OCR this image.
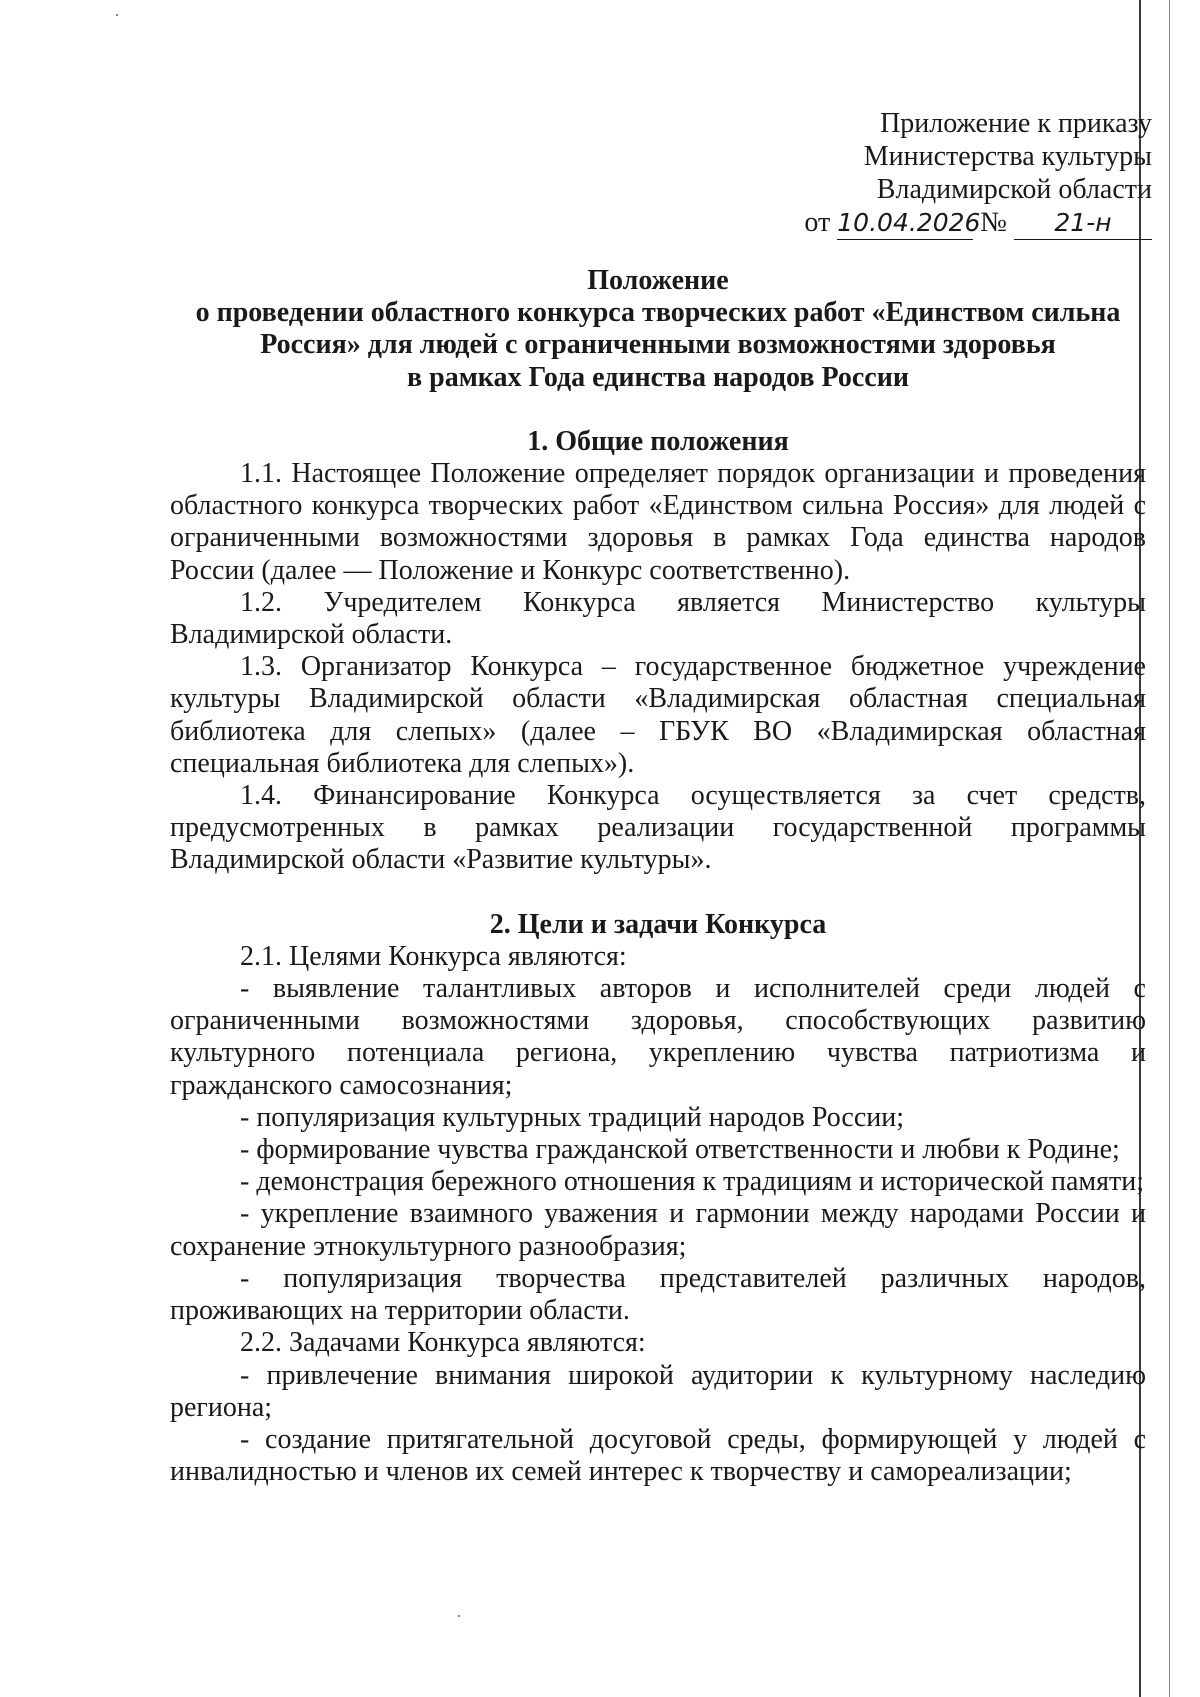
Приложение к приказу
Министерства культуры
Владимирской области
от 10.04.2026 № 21-н
Положение
о проведении областного конкурса творческих работ «Единством сильна
Россия» для людей с ограниченными возможностями здоровья
в рамках Года единства народов России
1. Общие положения

1.1. Настоящее Положение определяет порядок организации и проведения областного конкурса творческих работ «Единством сильна Россия» для людей с ограниченными возможностями здоровья в рамках Года единства народов России (далее — Положение и Конкурс соответственно).

1.2. Учредителем Конкурса является Министерство культуры Владимирской области.

1.3. Организатор Конкурса – государственное бюджетное учреждение культуры Владимирской области «Владимирская областная специальная библиотека для слепых» (далее – ГБУК ВО «Владимирская областная специальная библиотека для слепых»).

1.4. Финансирование Конкурса осуществляется за счет средств, предусмотренных в рамках реализации государственной программы Владимирской области «Развитие культуры».

2. Цели и задачи Конкурса

2.1. Целями Конкурса являются:

- выявление талантливых авторов и исполнителей среди людей с ограниченными возможностями здоровья, способствующих развитию культурного потенциала региона, укреплению чувства патриотизма и гражданского самосознания;

- популяризация культурных традиций народов России;

- формирование чувства гражданской ответственности и любви к Родине;

- демонстрация бережного отношения к традициям и исторической памяти;

- укрепление взаимного уважения и гармонии между народами России и сохранение этнокультурного разнообразия;

- популяризация творчества представителей различных народов, проживающих на территории области.

2.2. Задачами Конкурса являются:

- привлечение внимания широкой аудитории к культурному наследию региона;

- создание притягательной досуговой среды, формирующей у людей с инвалидностью и членов их семей интерес к творчеству и самореализации;
